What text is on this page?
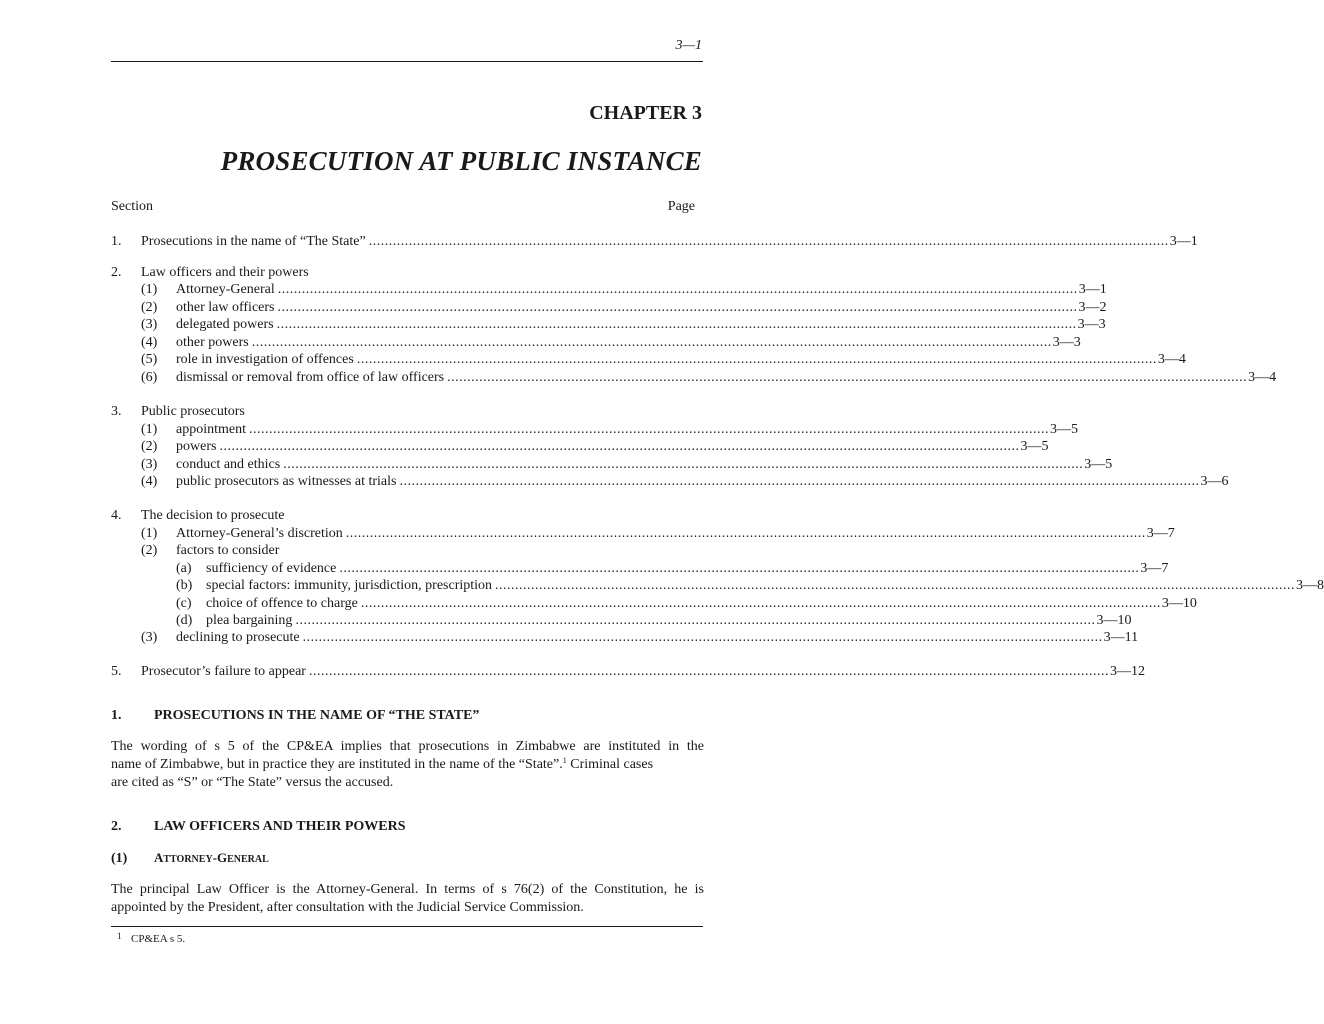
3—1
CHAPTER 3
PROSECUTION AT PUBLIC INSTANCE
Section	Page
1. Prosecutions in the name of “The State” ........................................................................................................................................................................................................ 3—1
2. Law officers and their powers
(1) Attorney-General ........................................................................................................................................................................................................ 3—1
(2) other law officers ........................................................................................................................................................................................................ 3—2
(3) delegated powers ........................................................................................................................................................................................................ 3—3
(4) other powers ........................................................................................................................................................................................................ 3—3
(5) role in investigation of offences ........................................................................................................................................................................................................ 3—4
(6) dismissal or removal from office of law officers ........................................................................................................................................................................................................ 3—4
3. Public prosecutors
(1) appointment ........................................................................................................................................................................................................ 3—5
(2) powers ........................................................................................................................................................................................................ 3—5
(3) conduct and ethics ........................................................................................................................................................................................................ 3—5
(4) public prosecutors as witnesses at trials ........................................................................................................................................................................................................ 3—6
4. The decision to prosecute
(1) Attorney-General’s discretion ........................................................................................................................................................................................................ 3—7
(2) factors to consider
(a) sufficiency of evidence ........................................................................................................................................................................................................ 3—7
(b) special factors: immunity, jurisdiction, prescription ........................................................................................................................................................................................................ 3—8
(c) choice of offence to charge ........................................................................................................................................................................................................ 3—10
(d) plea bargaining ........................................................................................................................................................................................................ 3—10
(3) declining to prosecute ........................................................................................................................................................................................................ 3—11
5. Prosecutor’s failure to appear ........................................................................................................................................................................................................ 3—12
1. PROSECUTIONS IN THE NAME OF “THE STATE”
The wording of s 5 of the CP&EA implies that prosecutions in Zimbabwe are instituted in the
name of Zimbabwe, but in practice they are instituted in the name of the “State”.$^1$ Criminal cases
are cited as “S” or “The State” versus the accused.
2. LAW OFFICERS AND THEIR POWERS
(1) ATTORNEY-GENERAL
The principal Law Officer is the Attorney-General. In terms of s 76(2) of the Constitution, he is
appointed by the President, after consultation with the Judicial Service Commission.
1 CP&EA s 5.
